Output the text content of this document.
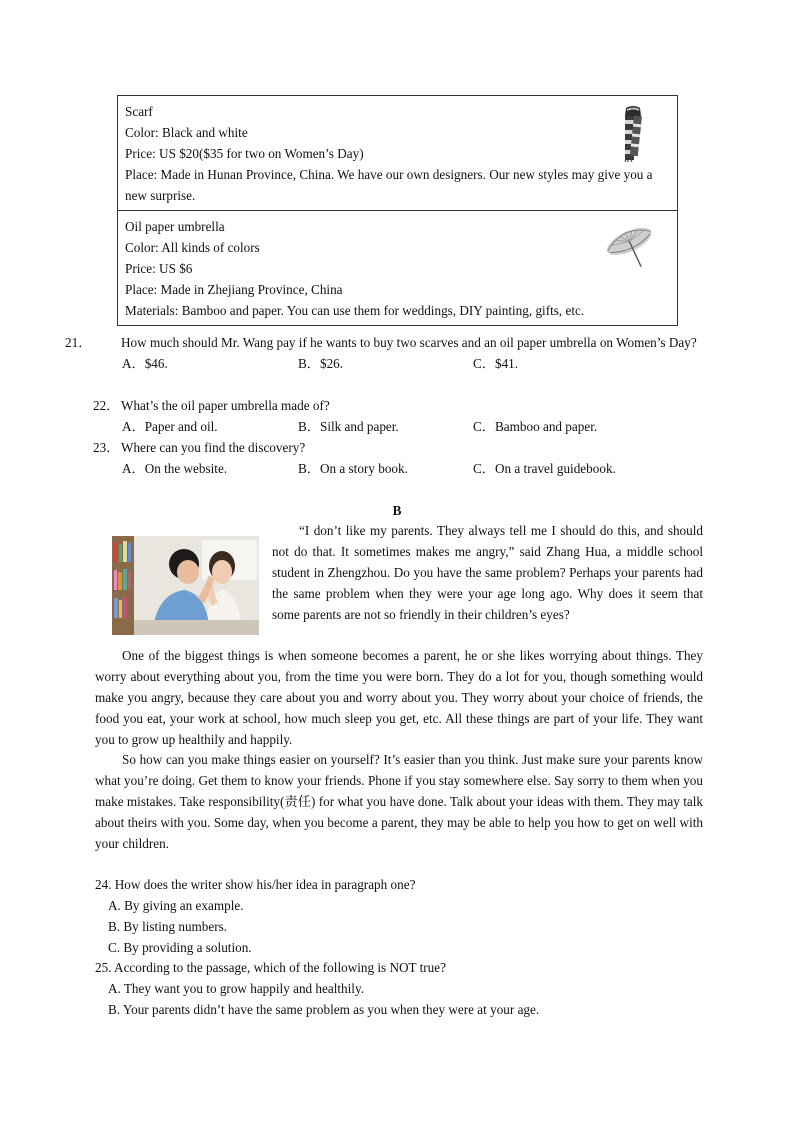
Scarf
Color: Black and white
Price: US $20($35 for two on Women’s Day)
Place: Made in Hunan Province, China. We have our own designers. Our new styles may give you a new surprise.
Oil paper umbrella
Color: All kinds of colors
Price: US $6
Place: Made in Zhejiang Province, China
Materials: Bamboo and paper. You can use them for weddings, DIY painting, gifts, etc.
21． How much should Mr. Wang pay if he wants to buy two scarves and an oil paper umbrella on Women’s Day?
A．$46.	B．$26.	C．$41.
22． What’s the oil paper umbrella made of?
A．Paper and oil.	B．Silk and paper.	C．Bamboo and paper.
23． Where can you find the discovery?
A．On the website.	B．On a story book.	C．On a travel guidebook.
B
“I don’t like my parents. They always tell me I should do this, and should not do that. It sometimes makes me angry,” said Zhang Hua, a middle school student in Zhengzhou. Do you have the same problem? Perhaps your parents had the same problem when they were your age long ago. Why does it seem that some parents are not so friendly in their children’s eyes?
One of the biggest things is when someone becomes a parent, he or she likes worrying about things. They worry about everything about you, from the time you were born. They do a lot for you, though something would make you angry, because they care about you and worry about you. They worry about your choice of friends, the food you eat, your work at school, how much sleep you get, etc. All these things are part of your life. They want you to grow up healthily and happily.
So how can you make things easier on yourself? It’s easier than you think. Just make sure your parents know what you’re doing. Get them to know your friends. Phone if you stay somewhere else. Say sorry to them when you make mistakes. Take responsibility(责任) for what you have done. Talk about your ideas with them. They may talk about theirs with you. Some day, when you become a parent, they may be able to help you how to get on well with your children.
24. How does the writer show his/her idea in paragraph one?
A. By giving an example.
B. By listing numbers.
C. By providing a solution.
25. According to the passage, which of the following is NOT true?
A. They want you to grow happily and healthily.
B. Your parents didn’t have the same problem as you when they were at your age.
